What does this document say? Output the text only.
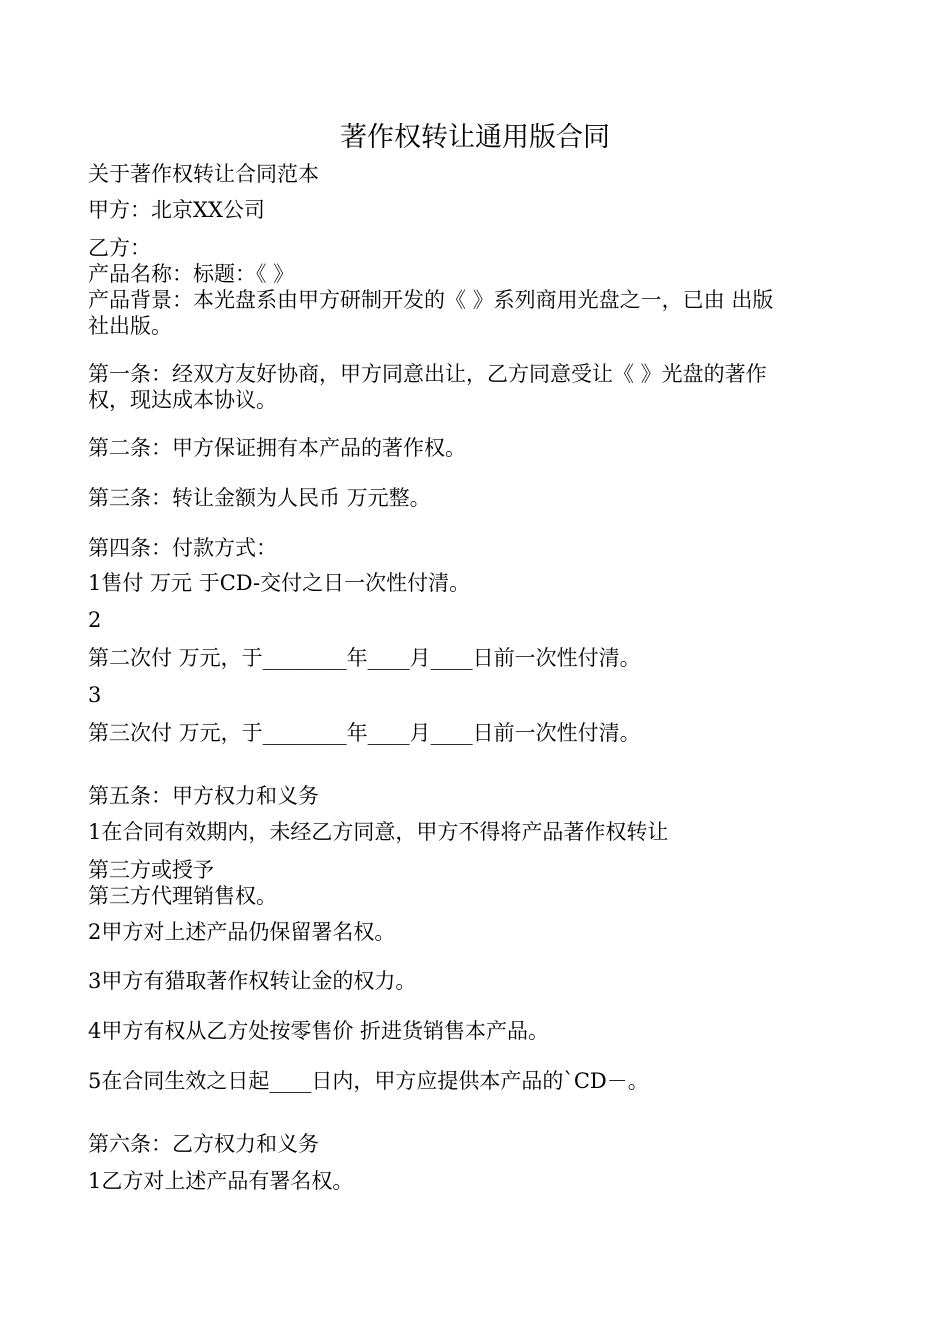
著作权转让通用版合同
关于著作权转让合同范本
甲方：北京XX公司
乙方：
产品名称：标题：《 》
产品背景：本光盘系由甲方研制开发的《 》系列商用光盘之一，已由 出版
社出版。
第一条：经双方友好协商，甲方同意出让，乙方同意受让《 》光盘的著作
权，现达成本协议。
第二条：甲方保证拥有本产品的著作权。
第三条：转让金额为人民币 万元整。
第四条：付款方式：
1售付 万元 于CD-交付之日一次性付清。
2
第二次付 万元，于________年____月____日前一次性付清。
3
第三次付 万元，于________年____月____日前一次性付清。
第五条：甲方权力和义务
1在合同有效期内，未经乙方同意，甲方不得将产品著作权转让
第三方或授予
第三方代理销售权。
2甲方对上述产品仍保留署名权。
3甲方有猎取著作权转让金的权力。
4甲方有权从乙方处按零售价 折进货销售本产品。
5在合同生效之日起____日内，甲方应提供本产品的`CD－。
第六条：乙方权力和义务
1乙方对上述产品有署名权。
